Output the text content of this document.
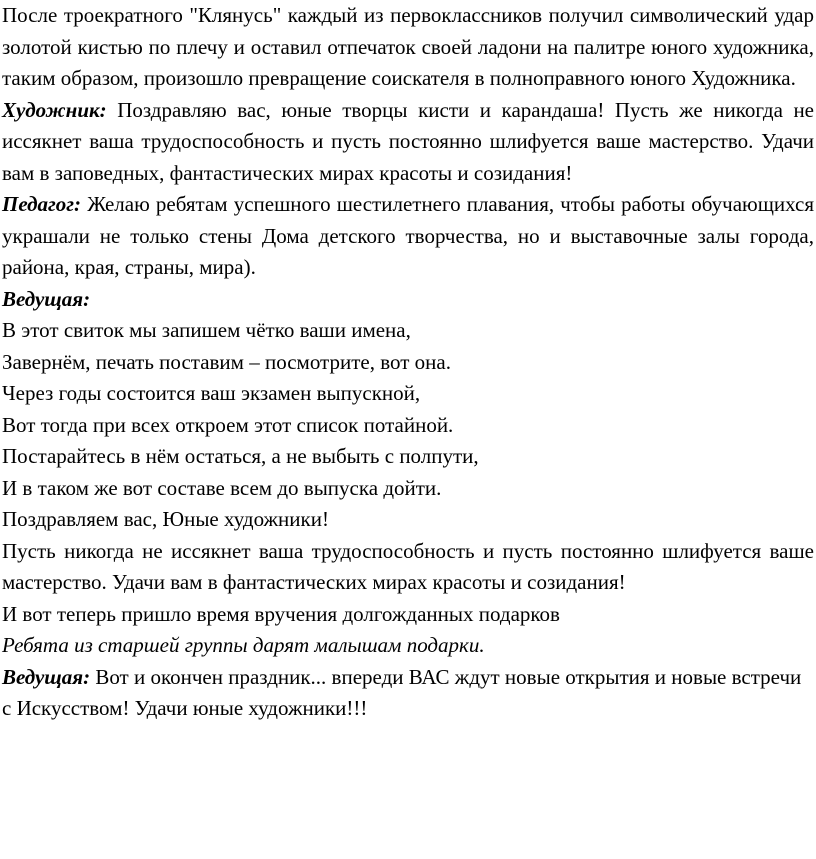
После троекратного "Клянусь" каждый из первоклассников получил символический удар золотой кистью по плечу и оставил отпечаток своей ладони на палитре юного художника, таким образом, произошло превращение соискателя в полноправного юного Художника.

Художник: Поздравляю вас, юные творцы кисти и карандаша! Пусть же никогда не иссякнет ваша трудоспособность и пусть постоянно шлифуется ваше мастерство. Удачи вам в заповедных, фантастических мирах красоты и созидания!

Педагог: Желаю ребятам успешного шестилетнего плавания, чтобы работы обучающихся украшали не только стены Дома детского творчества, но и выставочные залы города, района, края, страны, мира).

Ведущая:

В этот свиток мы запишем чётко ваши имена,

Завернём, печать поставим – посмотрите, вот она.

Через годы состоится ваш экзамен выпускной,

Вот тогда при всех откроем этот список потайной.

Постарайтесь в нём остаться, а не выбыть с полпути,

И в таком же вот составе всем до выпуска дойти.

Поздравляем вас, Юные художники!

Пусть никогда не иссякнет ваша трудоспособность и пусть постоянно шлифуется ваше мастерство. Удачи вам в фантастических мирах красоты и созидания!

И вот теперь пришло время вручения долгожданных подарков

Ребята из старшей группы дарят малышам подарки.

Ведущая: Вот и окончен праздник... впереди ВАС ждут новые открытия и новые встречи с Искусством! Удачи юные художники!!!
